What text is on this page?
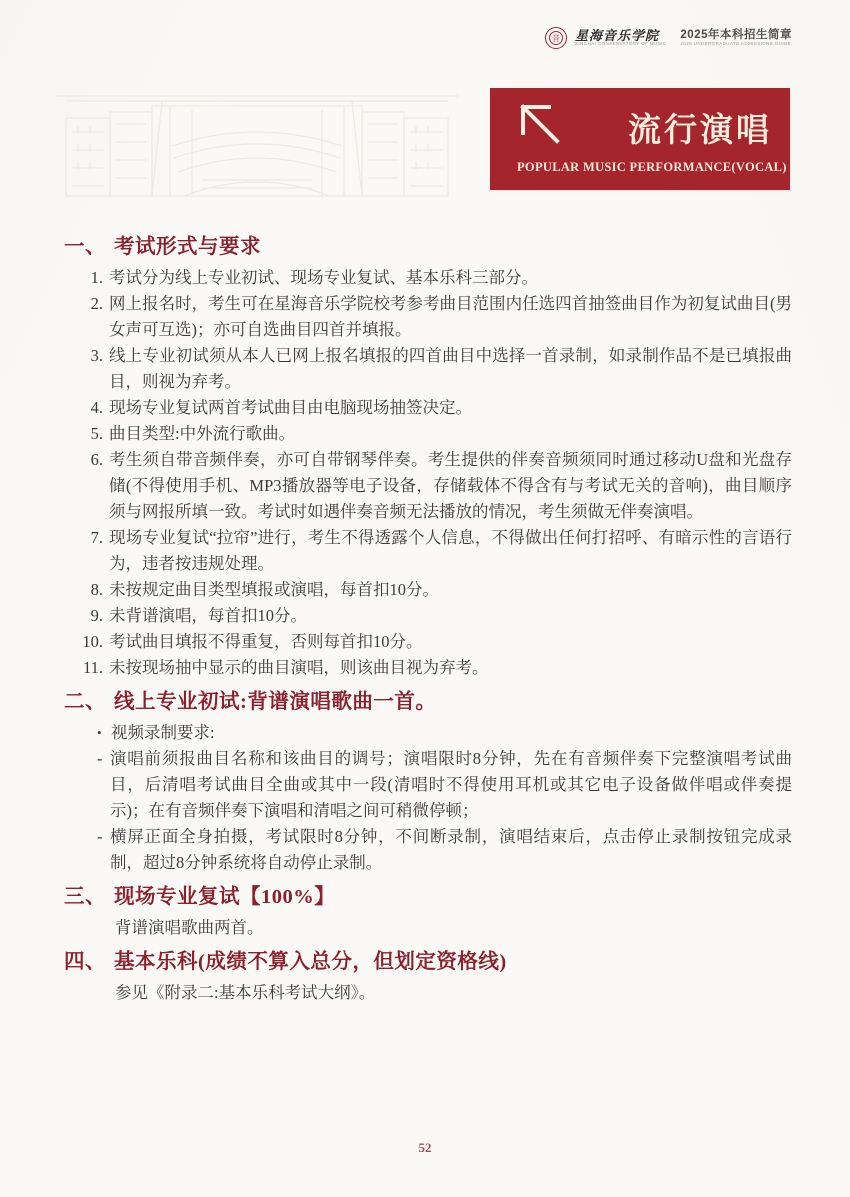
音 星海音乐学院
XINGHAI CONSERVATORY OF MUSIC
2025年本科招生简章
2025 UNDERGRADUATE ADMISSIONS GUIDE
流行演唱
POPULAR MUSIC PERFORMANCE(VOCAL)
一、 考试形式与要求
1. 考试分为线上专业初试、现场专业复试、基本乐科三部分。
2. 网上报名时，考生可在星海音乐学院校考参考曲目范围内任选四首抽签曲目作为初复试曲目(男女声可互选)；亦可自选曲目四首并填报。
3. 线上专业初试须从本人已网上报名填报的四首曲目中选择一首录制，如录制作品不是已填报曲目，则视为弃考。
4. 现场专业复试两首考试曲目由电脑现场抽签决定。
5. 曲目类型:中外流行歌曲。
6. 考生须自带音频伴奏，亦可自带钢琴伴奏。考生提供的伴奏音频须同时通过移动U盘和光盘存储(不得使用手机、MP3播放器等电子设备，存储载体不得含有与考试无关的音响)，曲目顺序须与网报所填一致。考试时如遇伴奏音频无法播放的情况，考生须做无伴奏演唱。
7. 现场专业复试“拉帘”进行，考生不得透露个人信息，不得做出任何打招呼、有暗示性的言语行为，违者按违规处理。
8. 未按规定曲目类型填报或演唱，每首扣10分。
9. 未背谱演唱，每首扣10分。
10. 考试曲目填报不得重复，否则每首扣10分。
11. 未按现场抽中显示的曲目演唱，则该曲目视为弃考。
二、 线上专业初试:背谱演唱歌曲一首。
• 视频录制要求:
- 演唱前须报曲目名称和该曲目的调号；演唱限时8分钟，先在有音频伴奏下完整演唱考试曲目，后清唱考试曲目全曲或其中一段(清唱时不得使用耳机或其它电子设备做伴唱或伴奏提示)；在有音频伴奏下演唱和清唱之间可稍微停顿；
- 横屏正面全身拍摄，考试限时8分钟，不间断录制，演唱结束后，点击停止录制按钮完成录制，超过8分钟系统将自动停止录制。
三、 现场专业复试【100%】
背谱演唱歌曲两首。
四、 基本乐科(成绩不算入总分，但划定资格线)
参见《附录二:基本乐科考试大纲》。
52
